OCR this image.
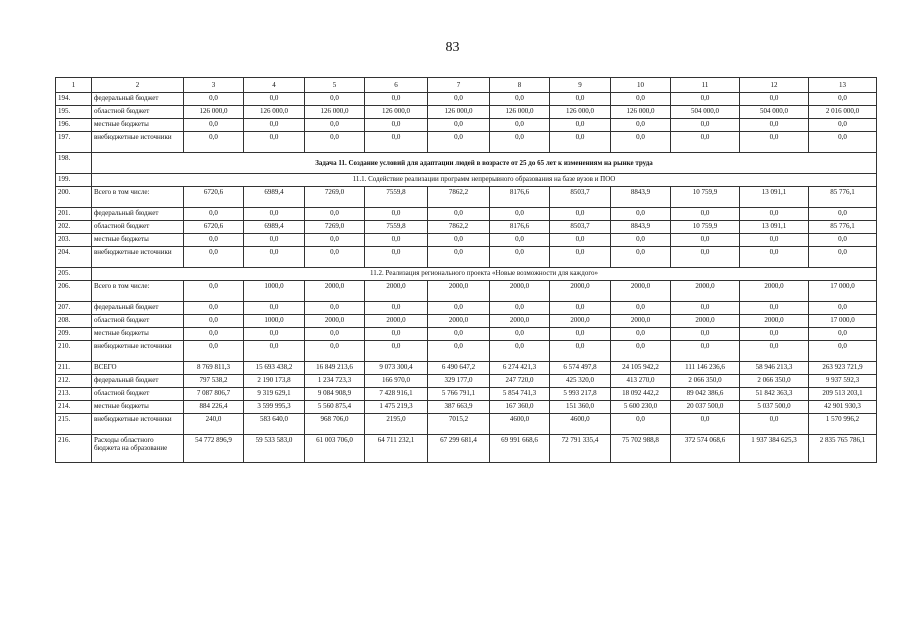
83
1	2	3	4	5	6	7	8	9	10	11	12	13
194.	федеральный бюджет	0,0	0,0	0,0	0,0	0,0	0,0	0,0	0,0	0,0	0,0	0,0
195.	областной бюджет	126 000,0	126 000,0	126 000,0	126 000,0	126 000,0	126 000,0	126 000,0	126 000,0	504 000,0	504 000,0	2 016 000,0
196.	местные бюджеты	0,0	0,0	0,0	0,0	0,0	0,0	0,0	0,0	0,0	0,0	0,0
197.	внебюджетные источники	0,0	0,0	0,0	0,0	0,0	0,0	0,0	0,0	0,0	0,0	0,0
198.	Задача 11. Создание условий для адаптации людей в возрасте от 25 до 65 лет к изменениям на рынке труда											
199.	11.1. Содействие реализации программ непрерывного образования на базе вузов и ПОО											
200.	Всего в том числе:	6720,6	6989,4	7269,0	7559,8	7862,2	8176,6	8503,7	8843,9	10 759,9	13 091,1	85 776,1
201.	федеральный бюджет	0,0	0,0	0,0	0,0	0,0	0,0	0,0	0,0	0,0	0,0	0,0
202.	областной бюджет	6720,6	6989,4	7269,0	7559,8	7862,2	8176,6	8503,7	8843,9	10 759,9	13 091,1	85 776,1
203.	местные бюджеты	0,0	0,0	0,0	0,0	0,0	0,0	0,0	0,0	0,0	0,0	0,0
204.	внебюджетные источники	0,0	0,0	0,0	0,0	0,0	0,0	0,0	0,0	0,0	0,0	0,0
205.	11.2. Реализация регионального проекта «Новые возможности для каждого»											
206.	Всего в том числе:	0,0	1000,0	2000,0	2000,0	2000,0	2000,0	2000,0	2000,0	2000,0	2000,0	17 000,0
207.	федеральный бюджет	0,0	0,0	0,0	0,0	0,0	0,0	0,0	0,0	0,0	0,0	0,0
208.	областной бюджет	0,0	1000,0	2000,0	2000,0	2000,0	2000,0	2000,0	2000,0	2000,0	2000,0	17 000,0
209.	местные бюджеты	0,0	0,0	0,0	0,0	0,0	0,0	0,0	0,0	0,0	0,0	0,0
210.	внебюджетные источники	0,0	0,0	0,0	0,0	0,0	0,0	0,0	0,0	0,0	0,0	0,0
211.	ВСЕГО	8 769 811,3	15 693 438,2	16 849 213,6	9 073 300,4	6 490 647,2	6 274 421,3	6 574 497,8	24 105 942,2	111 146 236,6	58 946 213,3	263 923 721,9
212.	федеральный бюджет	797 538,2	2 190 173,8	1 234 723,3	166 970,0	329 177,0	247 720,0	425 320,0	413 270,0	2 066 350,0	2 066 350,0	9 937 592,3
213.	областной бюджет	7 087 806,7	9 319 629,1	9 084 908,9	7 428 916,1	5 766 791,1	5 854 741,3	5 993 217,8	18 092 442,2	89 042 386,6	51 842 363,3	209 513 203,1
214.	местные бюджеты	884 226,4	3 599 995,3	5 560 875,4	1 475 219,3	387 663,9	167 360,0	151 360,0	5 600 230,0	20 037 500,0	5 037 500,0	42 901 930,3
215.	внебюджетные источники	240,0	583 640,0	968 706,0	2195,0	7015,2	4600,0	4600,0	0,0	0,0	0,0	1 570 996,2
216.	Расходы областного бюджета на образование	54 772 896,9	59 533 583,0	61 003 706,0	64 711 232,1	67 299 681,4	69 991 668,6	72 791 335,4	75 702 988,8	372 574 068,6	1 937 384 625,3	2 835 765 786,1
